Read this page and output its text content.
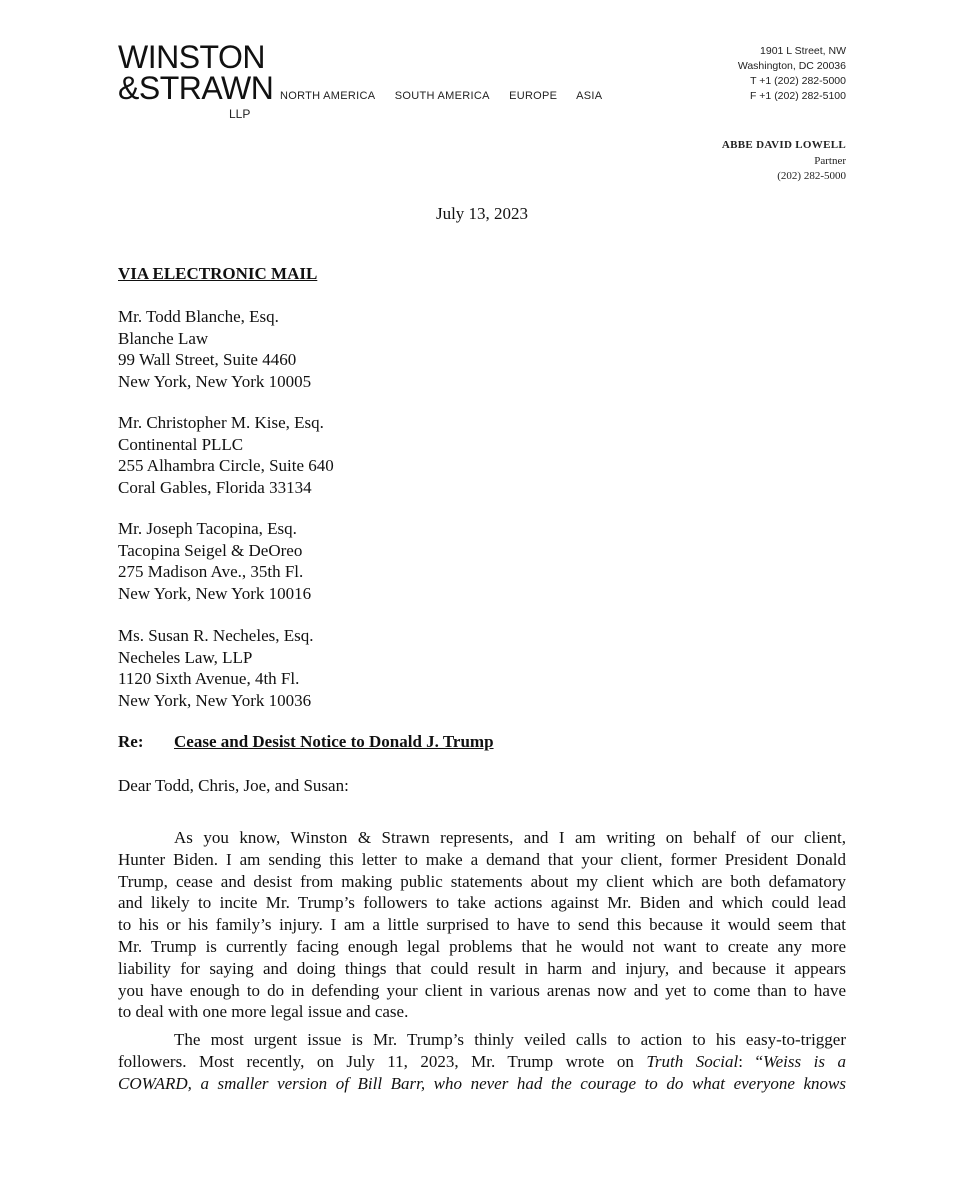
WINSTON
&STRAWN
LLP
NORTH AMERICA SOUTH AMERICA EUROPE ASIA
1901 L Street, NW
Washington, DC 20036
T +1 (202) 282-5000
F +1 (202) 282-5100
ABBE DAVID LOWELL
Partner
(202) 282-5000
July 13, 2023
VIA ELECTRONIC MAIL
Mr. Todd Blanche, Esq.
Blanche Law
99 Wall Street, Suite 4460
New York, New York 10005
Mr. Christopher M. Kise, Esq.
Continental PLLC
255 Alhambra Circle, Suite 640
Coral Gables, Florida 33134
Mr. Joseph Tacopina, Esq.
Tacopina Seigel & DeOreo
275 Madison Ave., 35th Fl.
New York, New York 10016
Ms. Susan R. Necheles, Esq.
Necheles Law, LLP
1120 Sixth Avenue, 4th Fl.
New York, New York 10036
Re: Cease and Desist Notice to Donald J. Trump
Dear Todd, Chris, Joe, and Susan:
As you know, Winston & Strawn represents, and I am writing on behalf of our client,
Hunter Biden. I am sending this letter to make a demand that your client, former President Donald
Trump, cease and desist from making public statements about my client which are both defamatory
and likely to incite Mr. Trump’s followers to take actions against Mr. Biden and which could lead
to his or his family’s injury. I am a little surprised to have to send this because it would seem that
Mr. Trump is currently facing enough legal problems that he would not want to create any more
liability for saying and doing things that could result in harm and injury, and because it appears
you have enough to do in defending your client in various arenas now and yet to come than to have
to deal with one more legal issue and case.
The most urgent issue is Mr. Trump’s thinly veiled calls to action to his easy-to-trigger
followers. Most recently, on July 11, 2023, Mr. Trump wrote on Truth Social: “Weiss is a
COWARD, a smaller version of Bill Barr, who never had the courage to do what everyone knows
